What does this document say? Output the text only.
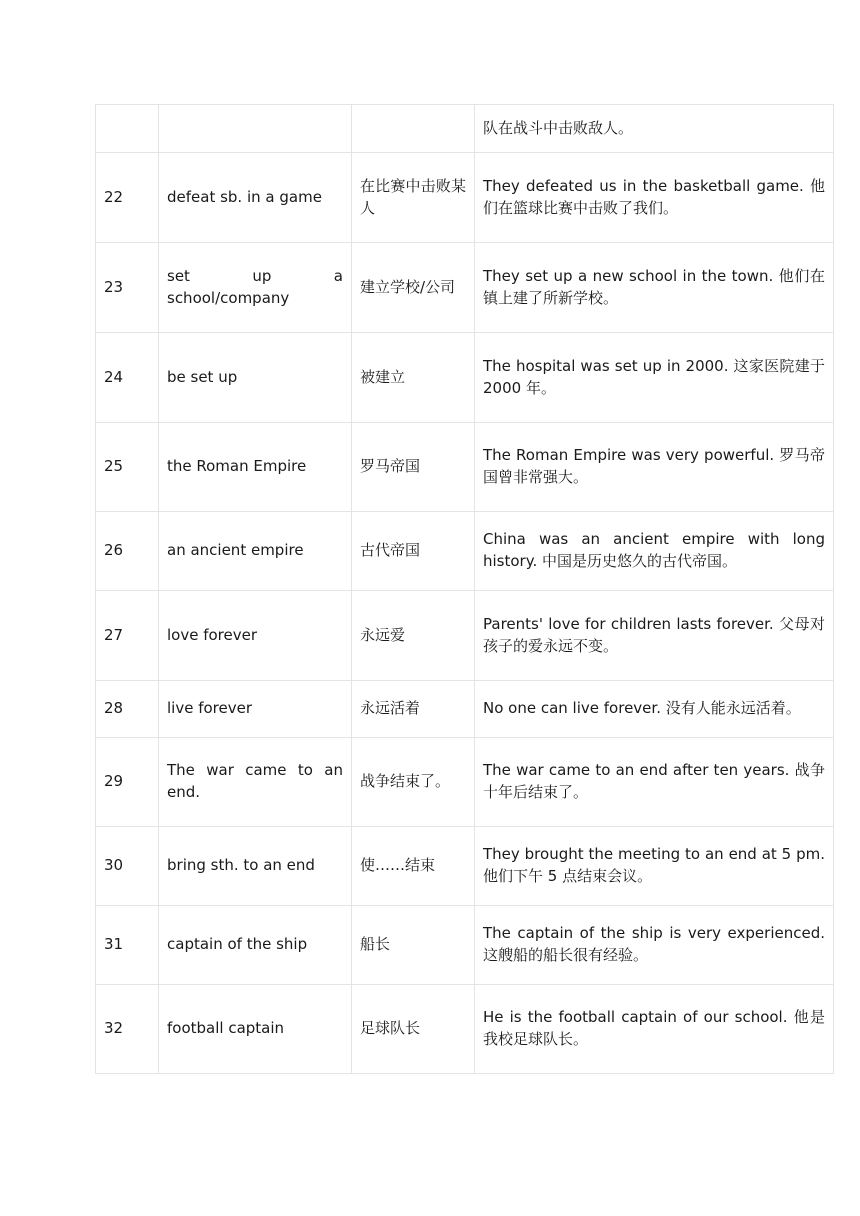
			队在战斗中击败敌人。
22	defeat sb. in a game	在比赛中击败某人	They defeated us in the basketball game. 他们在篮球比赛中击败了我们。
23	set up a school/company	建立学校/公司	They set up a new school in the town. 他们在镇上建了所新学校。
24	be set up	被建立	The hospital was set up in 2000. 这家医院建于 2000 年。
25	the Roman Empire	罗马帝国	The Roman Empire was very powerful. 罗马帝国曾非常强大。
26	an ancient empire	古代帝国	China was an ancient empire with long history. 中国是历史悠久的古代帝国。
27	love forever	永远爱	Parents' love for children lasts forever. 父母对孩子的爱永远不变。
28	live forever	永远活着	No one can live forever. 没有人能永远活着。
29	The war came to an end.	战争结束了。	The war came to an end after ten years. 战争十年后结束了。
30	bring sth. to an end	使……结束	They brought the meeting to an end at 5 pm. 他们下午 5 点结束会议。
31	captain of the ship	船长	The captain of the ship is very experienced. 这艘船的船长很有经验。
32	football captain	足球队长	He is the football captain of our school. 他是我校足球队长。
